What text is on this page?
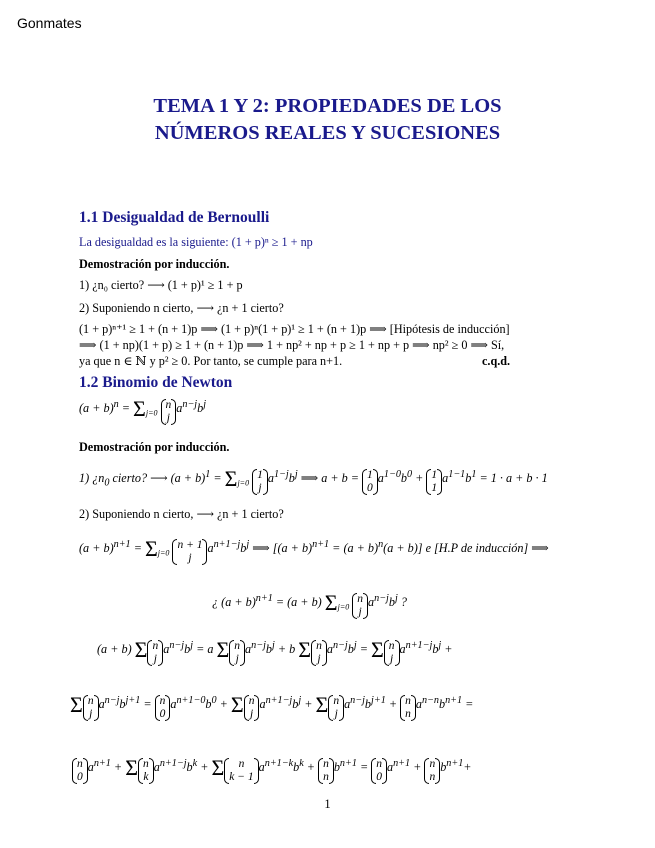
Gonmates
TEMA 1 Y 2: PROPIEDADES DE LOS
NÚMEROS REALES Y SUCESIONES
1.1 Desigualdad de Bernoulli
La desigualdad es la siguiente: (1 + p)ⁿ ≥ 1 + np
Demostración por inducción.
1) ¿n₀ cierto? ⟶ (1 + p)¹ ≥ 1 + p
2) Suponiendo n cierto, ⟶ ¿n + 1 cierto?
(1 + p)ⁿ⁺¹ ≥ 1 + (n + 1)p ⟹ (1 + p)ⁿ(1 + p)¹ ≥ 1 + (n + 1)p ⟹ [Hipótesis de inducción]
⟹ (1 + np)(1 + p) ≥ 1 + (n + 1)p ⟹ 1 + np² + np + p ≥ 1 + np + p ⟹ np² ≥ 0 ⟹ Sí,
ya que n ∈ ℕ y p² ≥ 0. Por tanto, se cumple para n+1.	c.q.d.
1.2 Binomio de Newton
$(a + b)^n = \Sigma_{j=0}$ n
$ja^{n-j}b^j$
Demostración por inducción.
1) ¿$n_0$ cierto? ⟶ $(a + b)^1 = \Sigma_{j=0}$ 1
$ja^{1-j}b^j$ ⟹ a + b = 1
$0a^{1-0}b^0 + 1$
$1a^{1-1}b^1 = 1 \cdot a + b \cdot 1$
2) Suponiendo n cierto, ⟶ ¿n + 1 cierto?
$(a + b)^{n+1} = \Sigma_{j=0}$ n + 1
$ja^{n+1-j}b^j$ ⟹ $[(a + b)^{n+1} = (a + b)^n(a + b)]$ e [H.P de inducción] ⟹
¿ $(a + b)^{n+1} = (a + b)$ $\Sigma_{j=0}$ n
$ja^{n-j}b^j$ ?
(a + b) Σ n
$ja^{n-j}b^j = a$ Σ n
$ja^{n-j}b^j + b$ Σ n
$ja^{n-j}b^j = \Sigma$ n
$ja^{n+1-j}b^j$ +
Σ n
$ja^{n-j}b^{j+1} = n$
$0a^{n+1-0}b^0 + \Sigma$ n
$ja^{n+1-j}b^j + \Sigma$ n
$ja^{n-j}b^{j+1} + n$
$na^{n-n}b^{n+1}$ =
n
$0a^{n+1} + \Sigma$ n
$ka^{n+1-j}b^k + \Sigma$ n
$k - 1a^{n+1-k}b^k + n$
$nb^{n+1} = n$
$0a^{n+1} + n$
$nb^{n+1}+$
1
